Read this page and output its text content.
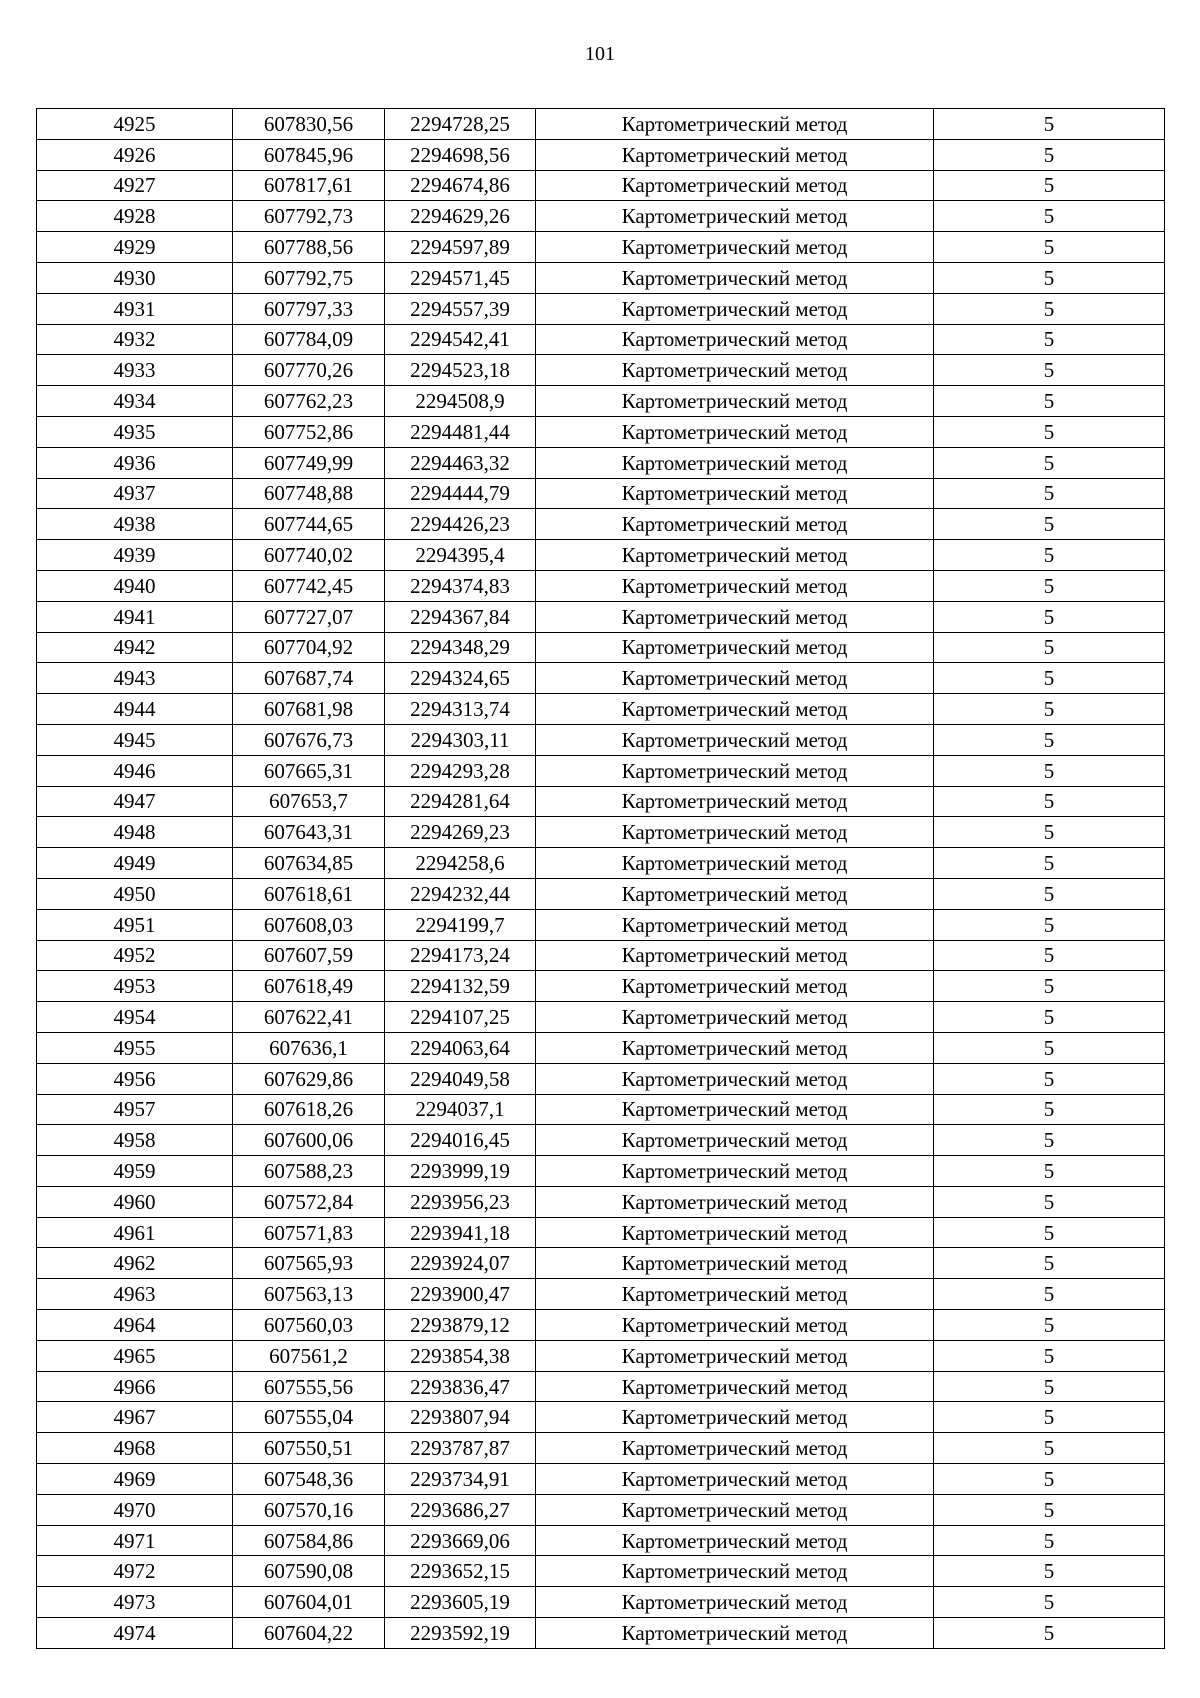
101
4925	607830,56	2294728,25	Картометрический метод	5
4926	607845,96	2294698,56	Картометрический метод	5
4927	607817,61	2294674,86	Картометрический метод	5
4928	607792,73	2294629,26	Картометрический метод	5
4929	607788,56	2294597,89	Картометрический метод	5
4930	607792,75	2294571,45	Картометрический метод	5
4931	607797,33	2294557,39	Картометрический метод	5
4932	607784,09	2294542,41	Картометрический метод	5
4933	607770,26	2294523,18	Картометрический метод	5
4934	607762,23	2294508,9	Картометрический метод	5
4935	607752,86	2294481,44	Картометрический метод	5
4936	607749,99	2294463,32	Картометрический метод	5
4937	607748,88	2294444,79	Картометрический метод	5
4938	607744,65	2294426,23	Картометрический метод	5
4939	607740,02	2294395,4	Картометрический метод	5
4940	607742,45	2294374,83	Картометрический метод	5
4941	607727,07	2294367,84	Картометрический метод	5
4942	607704,92	2294348,29	Картометрический метод	5
4943	607687,74	2294324,65	Картометрический метод	5
4944	607681,98	2294313,74	Картометрический метод	5
4945	607676,73	2294303,11	Картометрический метод	5
4946	607665,31	2294293,28	Картометрический метод	5
4947	607653,7	2294281,64	Картометрический метод	5
4948	607643,31	2294269,23	Картометрический метод	5
4949	607634,85	2294258,6	Картометрический метод	5
4950	607618,61	2294232,44	Картометрический метод	5
4951	607608,03	2294199,7	Картометрический метод	5
4952	607607,59	2294173,24	Картометрический метод	5
4953	607618,49	2294132,59	Картометрический метод	5
4954	607622,41	2294107,25	Картометрический метод	5
4955	607636,1	2294063,64	Картометрический метод	5
4956	607629,86	2294049,58	Картометрический метод	5
4957	607618,26	2294037,1	Картометрический метод	5
4958	607600,06	2294016,45	Картометрический метод	5
4959	607588,23	2293999,19	Картометрический метод	5
4960	607572,84	2293956,23	Картометрический метод	5
4961	607571,83	2293941,18	Картометрический метод	5
4962	607565,93	2293924,07	Картометрический метод	5
4963	607563,13	2293900,47	Картометрический метод	5
4964	607560,03	2293879,12	Картометрический метод	5
4965	607561,2	2293854,38	Картометрический метод	5
4966	607555,56	2293836,47	Картометрический метод	5
4967	607555,04	2293807,94	Картометрический метод	5
4968	607550,51	2293787,87	Картометрический метод	5
4969	607548,36	2293734,91	Картометрический метод	5
4970	607570,16	2293686,27	Картометрический метод	5
4971	607584,86	2293669,06	Картометрический метод	5
4972	607590,08	2293652,15	Картометрический метод	5
4973	607604,01	2293605,19	Картометрический метод	5
4974	607604,22	2293592,19	Картометрический метод	5
